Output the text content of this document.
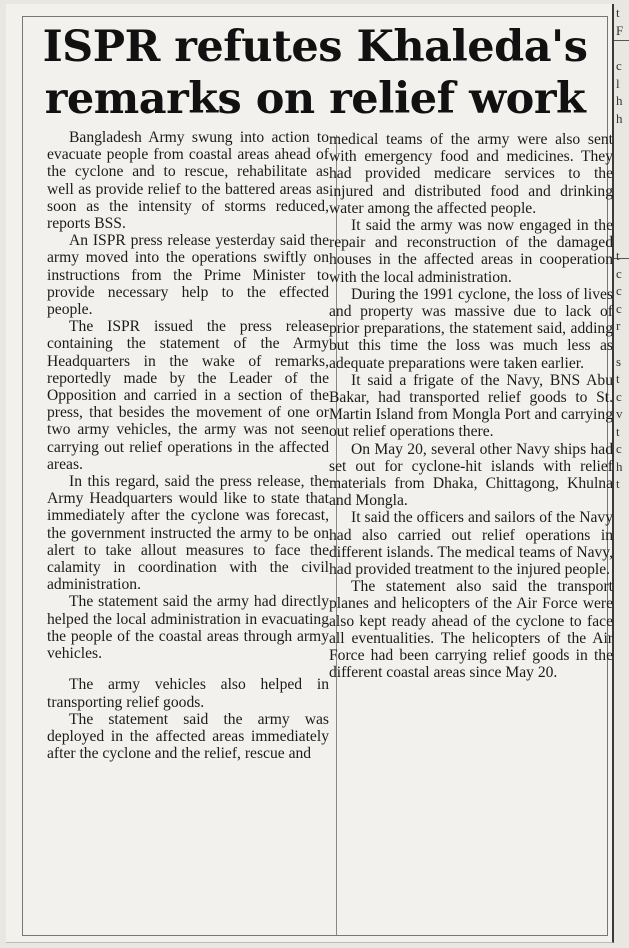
ISPR refutes Khaleda's
remarks on relief work

Bangladesh Army swung into action to evacuate people from coastal areas ahead of the cyclone and to rescue, rehabilitate as well as provide relief to the battered areas as soon as the intensity of storms reduced, reports BSS.

An ISPR press release yesterday said the army moved into the operations swiftly on instructions from the Prime Minister to provide necessary help to the effected people.

The ISPR issued the press release containing the statement of the Army Headquarters in the wake of remarks, reportedly made by the Leader of the Opposition and carried in a section of the press, that besides the movement of one or two army vehicles, the army was not seen carrying out relief operations in the affected areas.

In this regard, said the press release, the Army Headquarters would like to state that immediately after the cyclone was forecast, the government instructed the army to be on alert to take allout measures to face the calamity in coordination with the civil administration.

The statement said the army had directly helped the local administration in evacuating the people of the coastal areas through army vehicles.

The army vehicles also helped in transporting relief goods.

The statement said the army was deployed in the affected areas immediately after the cyclone and the relief, rescue and

medical teams of the army were also sent with emergency food and medicines. They had provided medicare services to the injured and distributed food and drinking water among the affected people.

It said the army was now engaged in the repair and reconstruction of the damaged houses in the affected areas in cooperation with the local administration.

During the 1991 cyclone, the loss of lives and property was massive due to lack of prior preparations, the statement said, adding but this time the loss was much less as adequate preparations were taken earlier.

It said a frigate of the Navy, BNS Abu Bakar, had transported relief goods to St. Martin Island from Mongla Port and carrying out relief operations there.

On May 20, several other Navy ships had set out for cyclone-hit islands with relief materials from Dhaka, Chittagong, Khulna and Mongla.

It said the officers and sailors of the Navy had also carried out relief operations in different islands. The medical teams of Navy, had provided treatment to the injured people.

The statement also said the transport planes and helicopters of the Air Force were also kept ready ahead of the cyclone to face all eventualities. The helicopters of the Air Force had been carrying relief goods in the different coastal areas since May 20.

t
F
c
l
h
h
t
c
c
c
r
s
t
c
v
t
c
h
t
